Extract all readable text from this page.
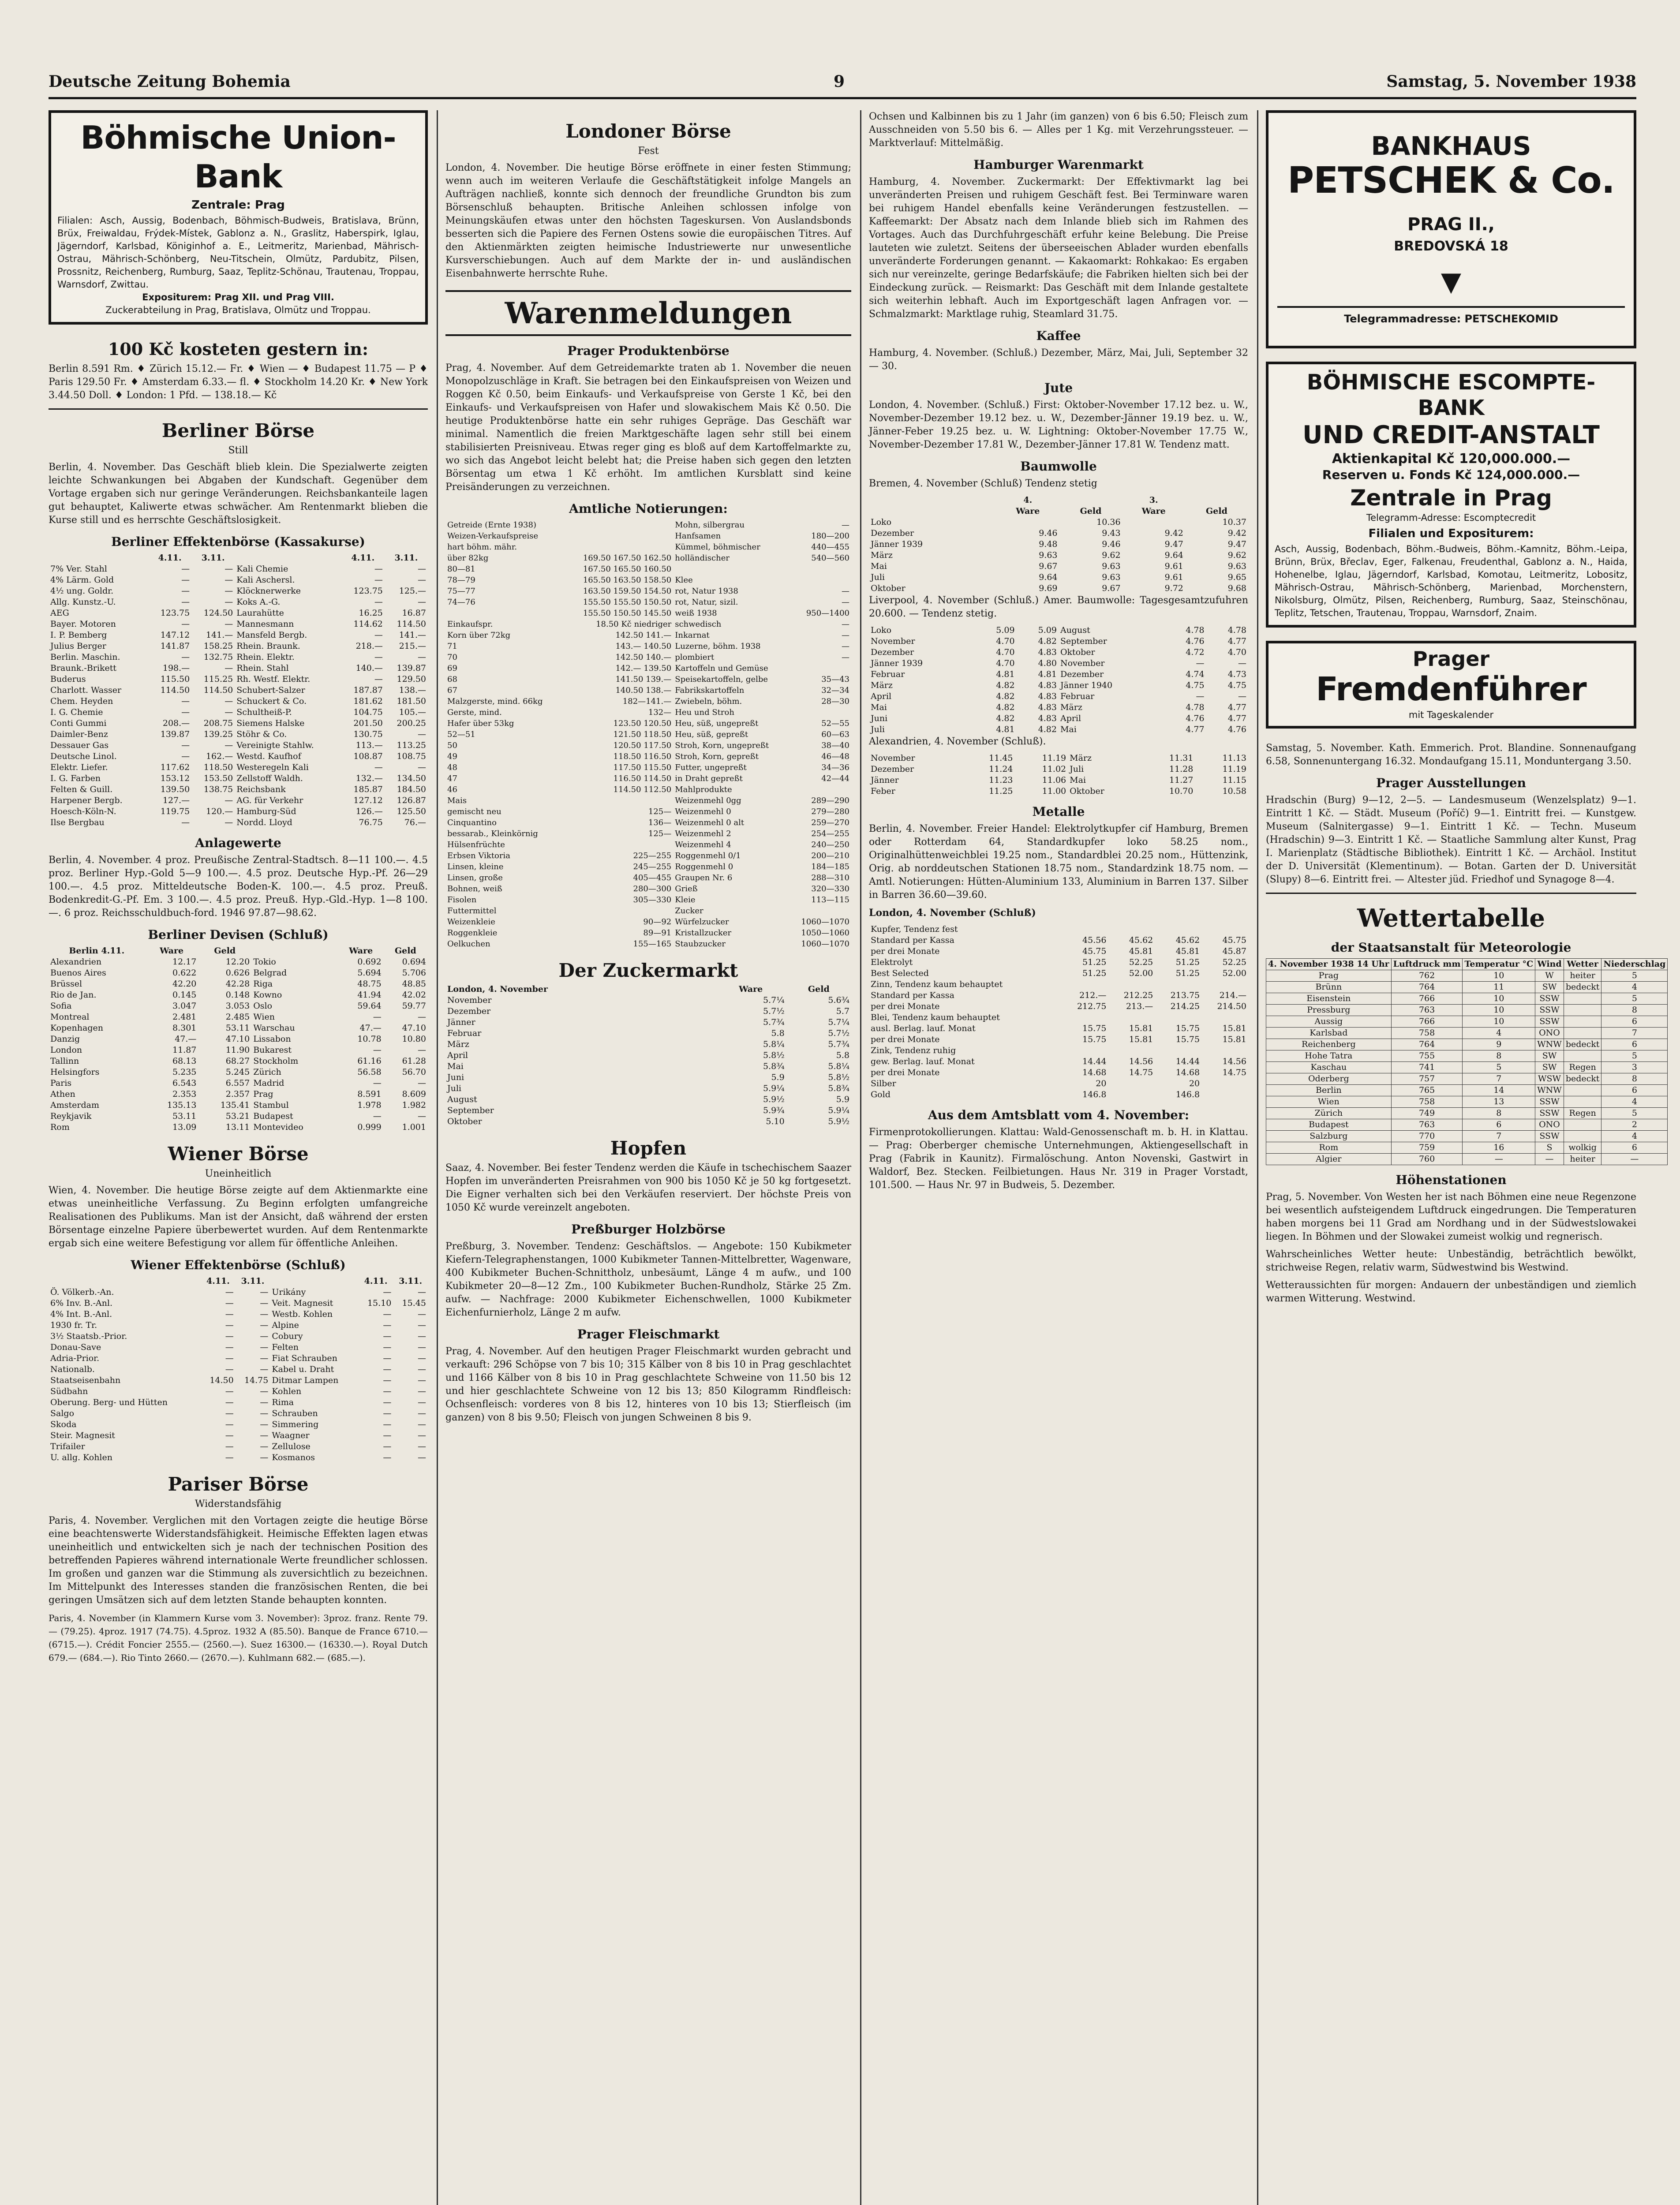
Deutsche Zeitung Bohemia	9	Samstag, 5. November 1938
Böhmische Union-Bank
Zentrale: Prag
Filialen: Asch, Aussig, Bodenbach, Böhmisch-Budweis, Bratislava, Brünn, Brüx, Freiwaldau, Frýdek-Místek, Gablonz a. N., Graslitz, Haberspirk, Iglau, Jägerndorf, Karlsbad, Königinhof a. E., Leitmeritz, Marienbad, Mährisch-Ostrau, Mährisch-Schönberg, Neu-Titschein, Olmütz, Pardubitz, Pilsen, Prossnitz, Reichenberg, Rumburg, Saaz, Teplitz-Schönau, Trautenau, Troppau, Warnsdorf, Zwittau.
Expositurem: Prag XII. und Prag VIII.
Zuckerabteilung in Prag, Bratislava, Olmütz und Troppau.
100 Kč kosteten gestern in:

Berlin 8.591 Rm. ♦ Zürich 15.12.— Fr. ♦ Wien — ♦ Budapest 11.75 — P ♦ Paris 129.50 Fr. ♦ Amsterdam 6.33.— fl. ♦ Stockholm 14.20 Kr. ♦ New York 3.44.50 Doll. ♦ London: 1 Pfd. — 138.18.— Kč

Berliner Börse
Still

Berlin, 4. November. Das Geschäft blieb klein. Die Spezialwerte zeigten leichte Schwankungen bei Abgaben der Kundschaft. Gegenüber dem Vortage ergaben sich nur geringe Veränderungen. Reichsbankanteile lagen gut behauptet, Kaliwerte etwas schwächer. Am Rentenmarkt blieben die Kurse still und es herrschte Geschäftslosigkeit.

Berliner Effektenbörse (Kassakurse)
	4.11.	3.11.		4.11.	3.11.
7% Ver. Stahl	—	—	Kali Chemie	—	—
4% Lärm. Gold	—	—	Kali Aschersl.	—	—
4½ ung. Goldr.	—	—	Klöcknerwerke	123.75	125.—
Allg. Kunstz.-U.	—	—	Koks A.-G.	—	—
AEG	123.75	124.50	Laurahütte	16.25	16.87
Bayer. Motoren	—	—	Mannesmann	114.62	114.50
I. P. Bemberg	147.12	141.—	Mansfeld Bergb.	—	141.—
Julius Berger	141.87	158.25	Rhein. Braunk.	218.—	215.—
Berlin. Maschin.	—	132.75	Rhein. Elektr.	—	—
Braunk.-Brikett	198.—	—	Rhein. Stahl	140.—	139.87
Buderus	115.50	115.25	Rh. Westf. Elektr.	—	129.50
Charlott. Wasser	114.50	114.50	Schubert-Salzer	187.87	138.—
Chem. Heyden	—	—	Schuckert & Co.	181.62	181.50
I. G. Chemie	—	—	Schultheiß-P.	104.75	105.—
Conti Gummi	208.—	208.75	Siemens Halske	201.50	200.25
Daimler-Benz	139.87	139.25	Stöhr & Co.	130.75	—
Dessauer Gas	—	—	Vereinigte Stahlw.	113.—	113.25
Deutsche Linol.	—	162.—	Westd. Kaufhof	108.87	108.75
Elektr. Liefer.	117.62	118.50	Westeregeln Kali	—	—
I. G. Farben	153.12	153.50	Zellstoff Waldh.	132.—	134.50
Felten & Guill.	139.50	138.75	Reichsbank	185.87	184.50
Harpener Bergb.	127.—	—	AG. für Verkehr	127.12	126.87
Hoesch-Köln-N.	119.75	120.—	Hamburg-Süd	126.—	125.50
Ilse Bergbau	—	—	Nordd. Lloyd	76.75	76.—
Anlagewerte

Berlin, 4. November. 4 proz. Preußische Zentral-Stadtsch. 8—11 100.—. 4.5 proz. Berliner Hyp.-Gold 5—9 100.—. 4.5 proz. Deutsche Hyp.-Pf. 26—29 100.—. 4.5 proz. Mitteldeutsche Boden-K. 100.—. 4.5 proz. Preuß. Bodenkredit-G.-Pf. Em. 3 100.—. 4.5 proz. Preuß. Hyp.-Gld.-Hyp. 1—8 100.—. 6 proz. Reichsschuldbuch-ford. 1946 97.87—98.62.

Berliner Devisen (Schluß)
Berlin 4.11.	Ware	Geld		Ware	Geld
Alexandrien	12.17	12.20	Tokio	0.692	0.694
Buenos Aires	0.622	0.626	Belgrad	5.694	5.706
Brüssel	42.20	42.28	Riga	48.75	48.85
Rio de Jan.	0.145	0.148	Kowno	41.94	42.02
Sofia	3.047	3.053	Oslo	59.64	59.77
Montreal	2.481	2.485	Wien	—	—
Kopenhagen	8.301	53.11	Warschau	47.—	47.10
Danzig	47.—	47.10	Lissabon	10.78	10.80
London	11.87	11.90	Bukarest	—	—
Tallinn	68.13	68.27	Stockholm	61.16	61.28
Helsingfors	5.235	5.245	Zürich	56.58	56.70
Paris	6.543	6.557	Madrid	—	—
Athen	2.353	2.357	Prag	8.591	8.609
Amsterdam	135.13	135.41	Stambul	1.978	1.982
Reykjavik	53.11	53.21	Budapest	—	—
Rom	13.09	13.11	Montevideo	0.999	1.001
Wiener Börse
Uneinheitlich

Wien, 4. November. Die heutige Börse zeigte auf dem Aktienmarkte eine etwas uneinheitliche Verfassung. Zu Beginn erfolgten umfangreiche Realisationen des Publikums. Man ist der Ansicht, daß während der ersten Börsentage einzelne Papiere überbewertet wurden. Auf dem Rentenmarkte ergab sich eine weitere Befestigung vor allem für öffentliche Anleihen.

Wiener Effektenbörse (Schluß)
	4.11.	3.11.		4.11.	3.11.
Ö. Völkerb.-An.	—	—	Urikány	—	—
6% Inv. B.-Anl.	—	—	Veit. Magnesit	15.10	15.45
4% Int. B.-Anl.	—	—	Westb. Kohlen	—	—
1930 fr. Tr.	—	—	Alpine	—	—
3½ Staatsb.-Prior.	—	—	Cobury	—	—
Donau-Save	—	—	Felten	—	—
Adria-Prior.	—	—	Fiat Schrauben	—	—
Nationalb.	—	—	Kabel u. Draht	—	—
Staatseisenbahn	14.50	14.75	Ditmar Lampen	—	—
Südbahn	—	—	Kohlen	—	—
Oberung. Berg- und Hütten	—	—	Rima	—	—
Salgo	—	—	Schrauben	—	—
Skoda	—	—	Simmering	—	—
Steir. Magnesit	—	—	Waagner	—	—
Trifailer	—	—	Zellulose	—	—
U. allg. Kohlen	—	—	Kosmanos	—	—
Pariser Börse
Widerstandsfähig

Paris, 4. November. Verglichen mit den Vortagen zeigte die heutige Börse eine beachtenswerte Widerstandsfähigkeit. Heimische Effekten lagen etwas uneinheitlich und entwickelten sich je nach der technischen Position des betreffenden Papieres während internationale Werte freundlicher schlossen. Im großen und ganzen war die Stimmung als zuversichtlich zu bezeichnen. Im Mittelpunkt des Interesses standen die französischen Renten, die bei geringen Umsätzen sich auf dem letzten Stande behaupten konnten.

Paris, 4. November (in Klammern Kurse vom 3. November): 3proz. franz. Rente 79.— (79.25). 4proz. 1917 (74.75). 4.5proz. 1932 A (85.50). Banque de France 6710.— (6715.—). Crédit Foncier 2555.— (2560.—). Suez 16300.— (16330.—). Royal Dutch 679.— (684.—). Rio Tinto 2660.— (2670.—). Kuhlmann 682.— (685.—).

Londoner Börse
Fest

London, 4. November. Die heutige Börse eröffnete in einer festen Stimmung; wenn auch im weiteren Verlaufe die Geschäftstätigkeit infolge Mangels an Aufträgen nachließ, konnte sich dennoch der freundliche Grundton bis zum Börsenschluß behaupten. Britische Anleihen schlossen infolge von Meinungskäufen etwas unter den höchsten Tageskursen. Von Auslandsbonds besserten sich die Papiere des Fernen Ostens sowie die europäischen Titres. Auf den Aktienmärkten zeigten heimische Industriewerte nur unwesentliche Kursverschiebungen. Auch auf dem Markte der in- und ausländischen Eisenbahnwerte herrschte Ruhe.

Warenmeldungen
Prager Produktenbörse

Prag, 4. November. Auf dem Getreidemarkte traten ab 1. November die neuen Monopolzuschläge in Kraft. Sie betragen bei den Einkaufspreisen von Weizen und Roggen Kč 0.50, beim Einkaufs- und Verkaufspreise von Gerste 1 Kč, bei den Einkaufs- und Verkaufspreisen von Hafer und slowakischem Mais Kč 0.50. Die heutige Produktenbörse hatte ein sehr ruhiges Gepräge. Das Geschäft war minimal. Namentlich die freien Marktgeschäfte lagen sehr still bei einem stabilisierten Preisniveau. Etwas reger ging es bloß auf dem Kartoffelmarkte zu, wo sich das Angebot leicht belebt hat; die Preise haben sich gegen den letzten Börsentag um etwa 1 Kč erhöht. Im amtlichen Kursblatt sind keine Preisänderungen zu verzeichnen.

Amtliche Notierungen:
Getreide (Ernte 1938)		Mohn, silbergrau	—
Weizen-Verkaufspreise		Hanfsamen	180—200
hart böhm. mähr.		Kümmel, böhmischer	440—455
über 82kg	169.50 167.50 162.50	holländischer	540—560
80—81	167.50 165.50 160.50		
78—79	165.50 163.50 158.50	Klee	
75—77	163.50 159.50 154.50	rot, Natur 1938	—
74—76	155.50 155.50 150.50	rot, Natur, sizil.	—
	155.50 150.50 145.50	weiß 1938	950—1400
Einkaufspr.	18.50 Kč niedriger	schwedisch	—
Korn über 72kg	142.50 141.—	Inkarnat	—
71	143.— 140.50	Luzerne, böhm. 1938	—
70	142.50 140.—	plombiert	—
69	142.— 139.50	Kartoffeln und Gemüse	
68	141.50 139.—	Speisekartoffeln, gelbe	35—43
67	140.50 138.—	Fabrikskartoffeln	32—34
Malzgerste, mind. 66kg	182—141.—	Zwiebeln, böhm.	28—30
Gerste, mind.	132—	Heu und Stroh	
Hafer über 53kg	123.50 120.50	Heu, süß, ungepreßt	52—55
52—51	121.50 118.50	Heu, süß, gepreßt	60—63
50	120.50 117.50	Stroh, Korn, ungepreßt	38—40
49	118.50 116.50	Stroh, Korn, gepreßt	46—48
48	117.50 115.50	Futter, ungepreßt	34—36
47	116.50 114.50	in Draht gepreßt	42—44
46	114.50 112.50	Mahlprodukte	
Mais		Weizenmehl 0gg	289—290
gemischt neu	125—	Weizenmehl 0	279—280
Cinquantino	136—	Weizenmehl 0 alt	259—270
bessarab., Kleinkörnig	125—	Weizenmehl 2	254—255
Hülsenfrüchte		Weizenmehl 4	240—250
Erbsen Viktoria	225—255	Roggenmehl 0/1	200—210
Linsen, kleine	245—255	Roggenmehl 0	184—185
Linsen, große	405—455	Graupen Nr. 6	288—310
Bohnen, weiß	280—300	Grieß	320—330
Fisolen	305—330	Kleie	113—115
Futtermittel		Zucker	
Weizenkleie	90—92	Würfelzucker	1060—1070
Roggenkleie	89—91	Kristallzucker	1050—1060
Oelkuchen	155—165	Staubzucker	1060—1070
Der Zuckermarkt
London, 4. November	Ware	Geld
November	5.7¼	5.6¾
Dezember	5.7½	5.7
Jänner	5.7¾	5.7¼
Februar	5.8	5.7½
März	5.8¼	5.7¾
April	5.8½	5.8
Mai	5.8¾	5.8¼
Juni	5.9	5.8½
Juli	5.9¼	5.8¾
August	5.9½	5.9
September	5.9¾	5.9¼
Oktober	5.10	5.9½
Hopfen

Saaz, 4. November. Bei fester Tendenz werden die Käufe in tschechischem Saazer Hopfen im unveränderten Preisrahmen von 900 bis 1050 Kč je 50 kg fortgesetzt. Die Eigner verhalten sich bei den Verkäufen reserviert. Der höchste Preis von 1050 Kč wurde vereinzelt angeboten.

Preßburger Holzbörse

Preßburg, 3. November. Tendenz: Geschäftslos. — Angebote: 150 Kubikmeter Kiefern-Telegraphenstangen, 1000 Kubikmeter Tannen-Mittelbretter, Wagenware, 400 Kubikmeter Buchen-Schnittholz, unbesäumt, Länge 4 m aufw., und 100 Kubikmeter 20—8—12 Zm., 100 Kubikmeter Buchen-Rundholz, Stärke 25 Zm. aufw. — Nachfrage: 2000 Kubikmeter Eichenschwellen, 1000 Kubikmeter Eichenfurnierholz, Länge 2 m aufw.

Prager Fleischmarkt

Prag, 4. November. Auf den heutigen Prager Fleischmarkt wurden gebracht und verkauft: 296 Schöpse von 7 bis 10; 315 Kälber von 8 bis 10 in Prag geschlachtet und 1166 Kälber von 8 bis 10 in Prag geschlachtete Schweine von 11.50 bis 12 und hier geschlachtete Schweine von 12 bis 13; 850 Kilogramm Rindfleisch: Ochsenfleisch: vorderes von 8 bis 12, hinteres von 10 bis 13; Stierfleisch (im ganzen) von 8 bis 9.50; Fleisch von jungen Schweinen 8 bis 9.

Ochsen und Kalbinnen bis zu 1 Jahr (im ganzen) von 6 bis 6.50; Fleisch zum Ausschneiden von 5.50 bis 6. — Alles per 1 Kg. mit Verzehrungssteuer. — Marktverlauf: Mittelmäßig.

Hamburger Warenmarkt

Hamburg, 4. November. Zuckermarkt: Der Effektivmarkt lag bei unveränderten Preisen und ruhigem Geschäft fest. Bei Terminware waren bei ruhigem Handel ebenfalls keine Veränderungen festzustellen. — Kaffeemarkt: Der Absatz nach dem Inlande blieb sich im Rahmen des Vortages. Auch das Durchfuhrgeschäft erfuhr keine Belebung. Die Preise lauteten wie zuletzt. Seitens der überseeischen Ablader wurden ebenfalls unveränderte Forderungen genannt. — Kakaomarkt: Rohkakao: Es ergaben sich nur vereinzelte, geringe Bedarfskäufe; die Fabriken hielten sich bei der Eindeckung zurück. — Reismarkt: Das Geschäft mit dem Inlande gestaltete sich weiterhin lebhaft. Auch im Exportgeschäft lagen Anfragen vor. — Schmalzmarkt: Marktlage ruhig, Steamlard 31.75.

Kaffee

Hamburg, 4. November. (Schluß.) Dezember, März, Mai, Juli, September 32 — 30.

Jute

London, 4. November. (Schluß.) First: Oktober-November 17.12 bez. u. W., November-Dezember 19.12 bez. u. W., Dezember-Jänner 19.19 bez. u. W., Jänner-Feber 19.25 bez. u. W. Lightning: Oktober-November 17.75 W., November-Dezember 17.81 W., Dezember-Jänner 17.81 W. Tendenz matt.

Baumwolle

Bremen, 4. November (Schluß) Tendenz stetig

	4.		3.	
	Ware	Geld	Ware	Geld
Loko		10.36		10.37
Dezember	9.46	9.43	9.42	9.42
Jänner 1939	9.48	9.46	9.47	9.47
März	9.63	9.62	9.64	9.62
Mai	9.67	9.63	9.61	9.63
Juli	9.64	9.63	9.61	9.65
Oktober	9.69	9.67	9.72	9.68

Liverpool, 4. November (Schluß.) Amer. Baumwolle: Tagesgesamtzufuhren 20.600. — Tendenz stetig.

Loko	5.09	5.09	August	4.78	4.78
November	4.70	4.82	September	4.76	4.77
Dezember	4.70	4.83	Oktober	4.72	4.70
Jänner 1939	4.70	4.80	November	—	—
Februar	4.81	4.81	Dezember	4.74	4.73
März	4.82	4.83	Jänner 1940	4.75	4.75
April	4.82	4.83	Februar	—	—
Mai	4.82	4.83	März	4.78	4.77
Juni	4.82	4.83	April	4.76	4.77
Juli	4.81	4.82	Mai	4.77	4.76

Alexandrien, 4. November (Schluß).

November	11.45	11.19	März	11.31	11.13
Dezember	11.24	11.02	Juli	11.28	11.19
Jänner	11.23	11.06	Mai	11.27	11.15
Feber	11.25	11.00	Oktober	10.70	10.58
Metalle

Berlin, 4. November. Freier Handel: Elektrolytkupfer cif Hamburg, Bremen oder Rotterdam 64, Standardkupfer loko 58.25 nom., Originalhüttenweichblei 19.25 nom., Standardblei 20.25 nom., Hüttenzink, Orig. ab norddeutschen Stationen 18.75 nom., Standardzink 18.75 nom. — Amtl. Notierungen: Hütten-Aluminium 133, Aluminium in Barren 137. Silber in Barren 36.60—39.60.

London, 4. November (Schluß)

Kupfer, Tendenz fest				
Standard per Kassa	45.56	45.62	45.62	45.75
per drei Monate	45.75	45.81	45.81	45.87
Elektrolyt	51.25	52.25	51.25	52.25
Best Selected	51.25	52.00	51.25	52.00
Zinn, Tendenz kaum behauptet				
Standard per Kassa	212.—	212.25	213.75	214.—
per drei Monate	212.75	213.—	214.25	214.50
Blei, Tendenz kaum behauptet				
ausl. Berlag. lauf. Monat	15.75	15.81	15.75	15.81
per drei Monate	15.75	15.81	15.75	15.81
Zink, Tendenz ruhig				
gew. Berlag. lauf. Monat	14.44	14.56	14.44	14.56
per drei Monate	14.68	14.75	14.68	14.75
Silber	20		20	
Gold	146.8		146.8	
Aus dem Amtsblatt vom 4. November:

Firmenprotokollierungen. Klattau: Wald-Genossenschaft m. b. H. in Klattau. — Prag: Oberberger chemische Unternehmungen, Aktiengesellschaft in Prag (Fabrik in Kaunitz). Firmalöschung. Anton Novenski, Gastwirt in Waldorf, Bez. Stecken. Feilbietungen. Haus Nr. 319 in Prager Vorstadt, 101.500. — Haus Nr. 97 in Budweis, 5. Dezember.

BANKHAUS
PETSCHEK & Co.
PRAG II.,
BREDOVSKÁ 18
▼
Telegrammadresse: PETSCHEKOMID
BÖHMISCHE ESCOMPTE-BANK
UND CREDIT-ANSTALT
Aktienkapital Kč 120,000.000.—
Reserven u. Fonds Kč 124,000.000.—
Zentrale in Prag
Telegramm-Adresse: Escomptecredit
Filialen und Expositurem:
Asch, Aussig, Bodenbach, Böhm.-Budweis, Böhm.-Kamnitz, Böhm.-Leipa, Brünn, Brüx, Břeclav, Eger, Falkenau, Freudenthal, Gablonz a. N., Haida, Hohenelbe, Iglau, Jägerndorf, Karlsbad, Komotau, Leitmeritz, Lobositz, Mährisch-Ostrau, Mährisch-Schönberg, Marienbad, Morchenstern, Nikolsburg, Olmütz, Pilsen, Reichenberg, Rumburg, Saaz, Steinschönau, Teplitz, Tetschen, Trautenau, Troppau, Warnsdorf, Znaim.
Prager
Fremdenführer
mit Tageskalender

Samstag, 5. November. Kath. Emmerich. Prot. Blandine. Sonnenaufgang 6.58, Sonnenuntergang 16.32. Mondaufgang 15.11, Monduntergang 3.50.

Prager Ausstellungen

Hradschin (Burg) 9—12, 2—5. — Landesmuseum (Wenzelsplatz) 9—1. Eintritt 1 Kč. — Städt. Museum (Poříč) 9—1. Eintritt frei. — Kunstgew. Museum (Salnitergasse) 9—1. Eintritt 1 Kč. — Techn. Museum (Hradschin) 9—3. Eintritt 1 Kč. — Staatliche Sammlung alter Kunst, Prag I. Marienplatz (Städtische Bibliothek). Eintritt 1 Kč. — Archäol. Institut der D. Universität (Klementinum). — Botan. Garten der D. Universität (Slupy) 8—6. Eintritt frei. — Altester jüd. Friedhof und Synagoge 8—4.

Wettertabelle
der Staatsanstalt für Meteorologie
4. November 1938 14 Uhr	Luftdruck mm	Temperatur °C	Wind	Wetter	Niederschlag
Prag	762	10	W	heiter	5
Brünn	764	11	SW	bedeckt	4
Eisenstein	766	10	SSW		5
Pressburg	763	10	SSW		8
Aussig	766	10	SSW		6
Karlsbad	758	4	ONO		7
Reichenberg	764	9	WNW	bedeckt	6
Hohe Tatra	755	8	SW		5
Kaschau	741	5	SW	Regen	3
Oderberg	757	7	WSW	bedeckt	8
Berlin	765	14	WNW		6
Wien	758	13	SSW		4
Zürich	749	8	SSW	Regen	5
Budapest	763	6	ONO		2
Salzburg	770	7	SSW		4
Rom	759	16	S	wolkig	6
Algier	760	—	—	heiter	—
Höhenstationen

Prag, 5. November. Von Westen her ist nach Böhmen eine neue Regenzone bei wesentlich aufsteigendem Luftdruck eingedrungen. Die Temperaturen haben morgens bei 11 Grad am Nordhang und in der Südwestslowakei liegen. In Böhmen und der Slowakei zumeist wolkig und regnerisch.

Wahrscheinliches Wetter heute: Unbeständig, beträchtlich bewölkt, strichweise Regen, relativ warm, Südwestwind bis Westwind.

Wetteraussichten für morgen: Andauern der unbeständigen und ziemlich warmen Witterung. Westwind.
